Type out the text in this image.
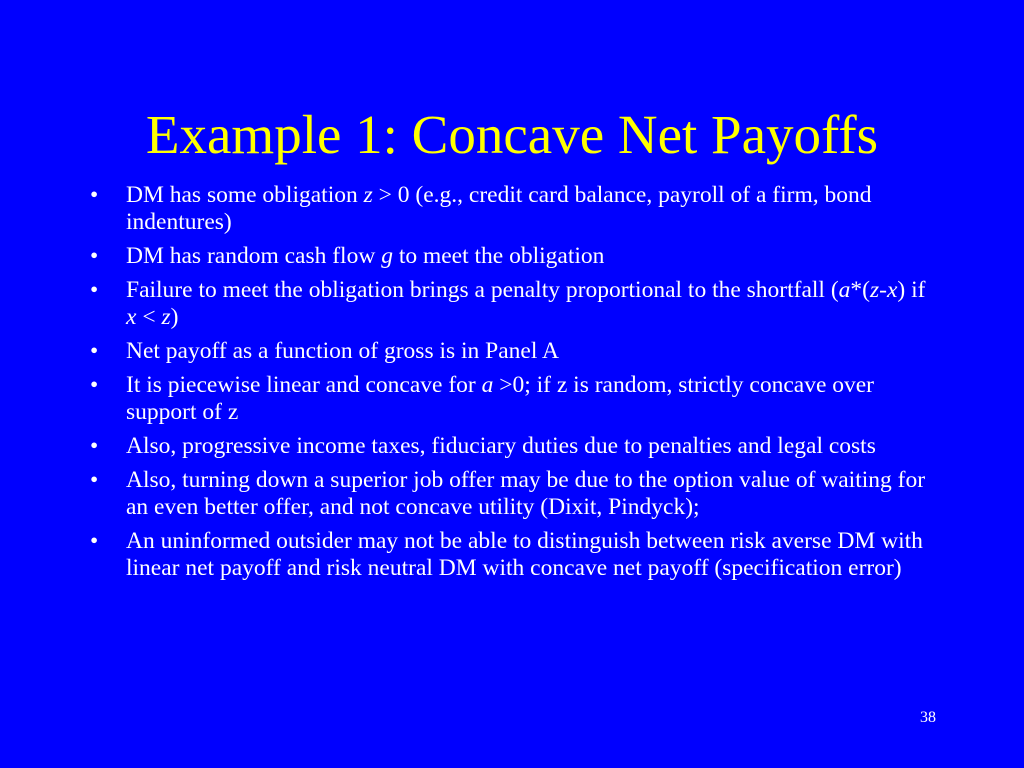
Example 1: Concave Net Payoffs
• DM has some obligation z > 0 (e.g., credit card balance, payroll of a firm, bond indentures)
• DM has random cash flow g to meet the obligation
• Failure to meet the obligation brings a penalty proportional to the shortfall (a*(z-x) if x < z)
• Net payoff as a function of gross is in Panel A
• It is piecewise linear and concave for a >0; if z is random, strictly concave over support of z
• Also, progressive income taxes, fiduciary duties due to penalties and legal costs
• Also, turning down a superior job offer may be due to the option value of waiting for an even better offer, and not concave utility (Dixit, Pindyck);
• An uninformed outsider may not be able to distinguish between risk averse DM with linear net payoff and risk neutral DM with concave net payoff (specification error)
38
